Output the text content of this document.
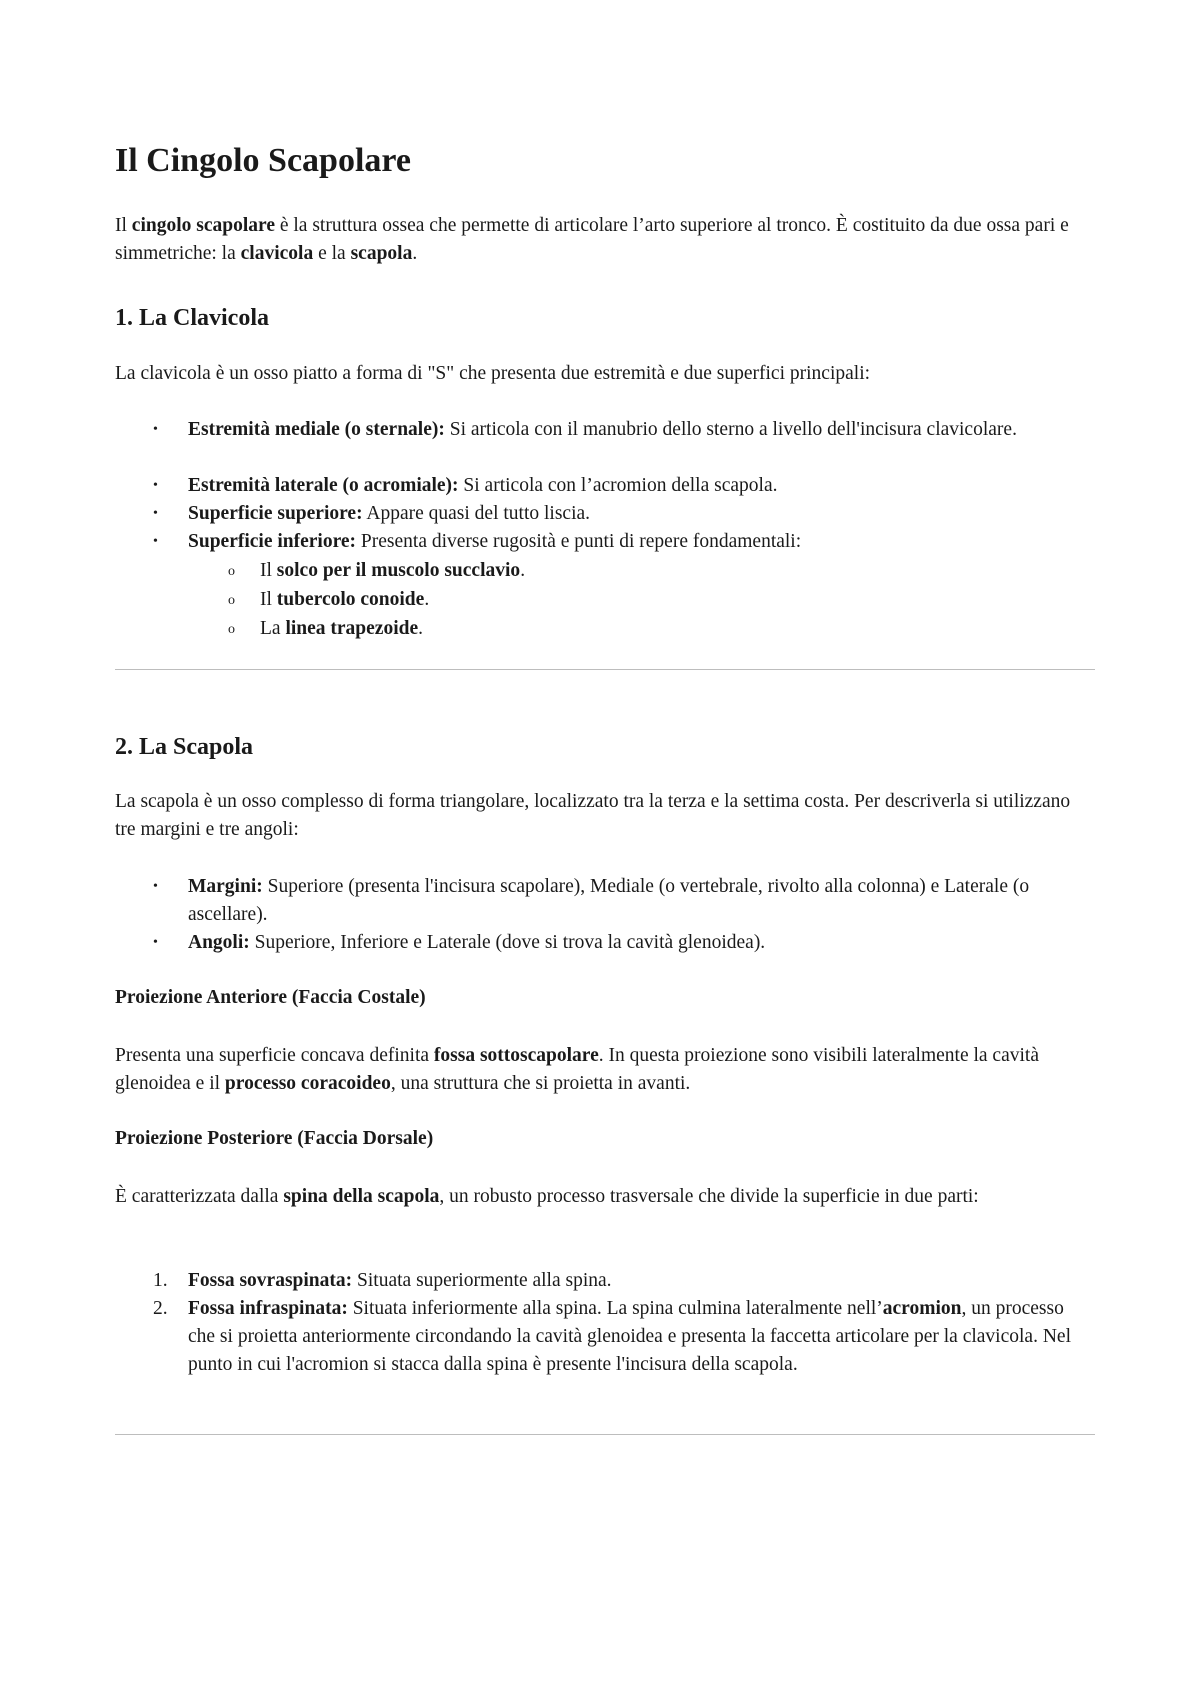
Il Cingolo Scapolare

Il cingolo scapolare è la struttura ossea che permette di articolare l’arto superiore al tronco. È costituito da due ossa pari e simmetriche: la clavicola e la scapola.

1. La Clavicola

La clavicola è un osso piatto a forma di "S" che presenta due estremità e due superfici principali:

• Estremità mediale (o sternale): Si articola con il manubrio dello sterno a livello dell'incisura clavicolare.
• Estremità laterale (o acromiale): Si articola con l’acromion della scapola.
• Superficie superiore: Appare quasi del tutto liscia.
• Superficie inferiore: Presenta diverse rugosità e punti di repere fondamentali:
o Il solco per il muscolo succlavio.
o Il tubercolo conoide.
o La linea trapezoide.
2. La Scapola

La scapola è un osso complesso di forma triangolare, localizzato tra la terza e la settima costa. Per descriverla si utilizzano tre margini e tre angoli:

• Margini: Superiore (presenta l'incisura scapolare), Mediale (o vertebrale, rivolto alla colonna) e Laterale (o ascellare).
• Angoli: Superiore, Inferiore e Laterale (dove si trova la cavità glenoidea).
Proiezione Anteriore (Faccia Costale)

Presenta una superficie concava definita fossa sottoscapolare. In questa proiezione sono visibili lateralmente la cavità glenoidea e il processo coracoideo, una struttura che si proietta in avanti.

Proiezione Posteriore (Faccia Dorsale)

È caratterizzata dalla spina della scapola, un robusto processo trasversale che divide la superficie in due parti:

1. Fossa sovraspinata: Situata superiormente alla spina.
2. Fossa infraspinata: Situata inferiormente alla spina. La spina culmina lateralmente nell’acromion, un processo che si proietta anteriormente circondando la cavità glenoidea e presenta la faccetta articolare per la clavicola. Nel punto in cui l'acromion si stacca dalla spina è presente l'incisura della scapola.
